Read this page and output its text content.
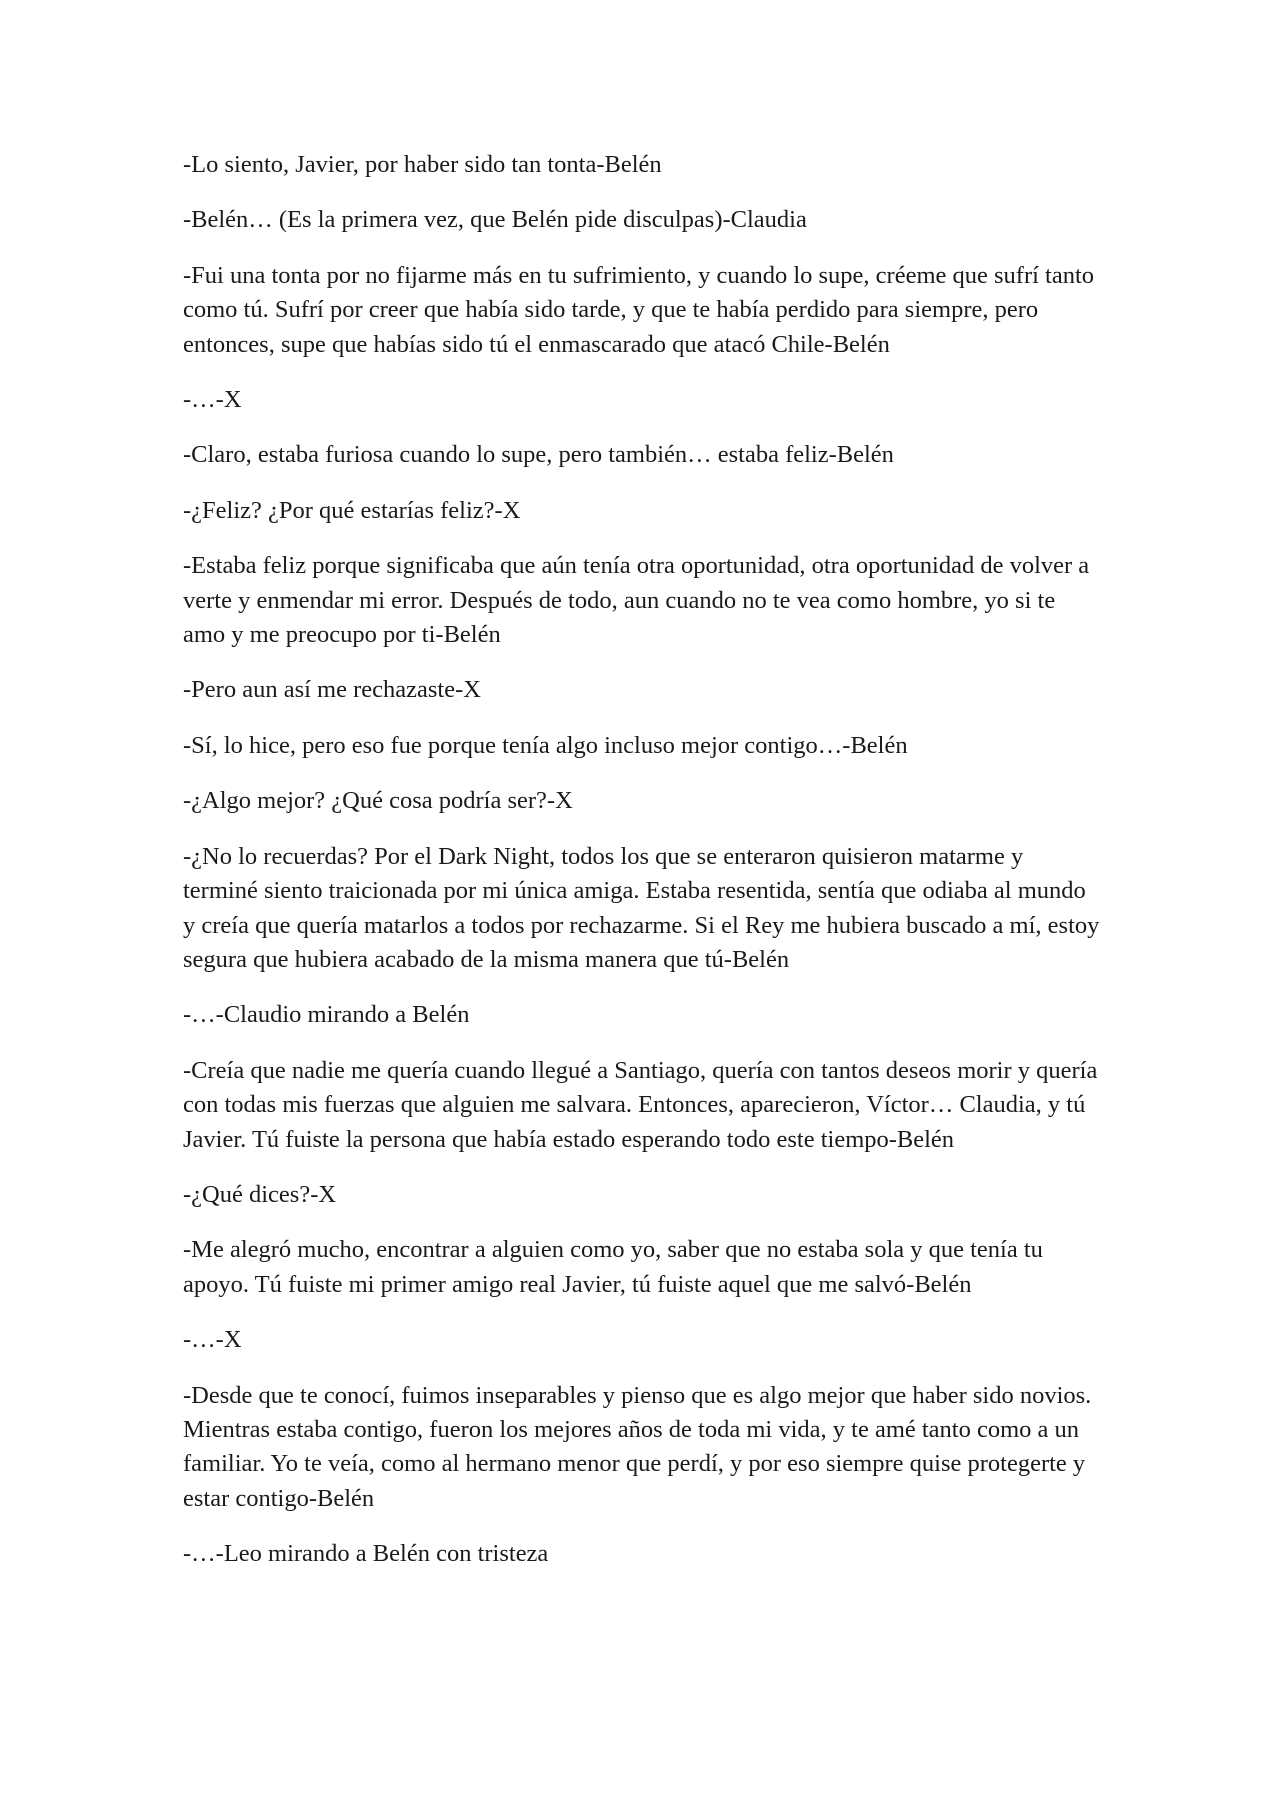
-Lo siento, Javier, por haber sido tan tonta-Belén

-Belén… (Es la primera vez, que Belén pide disculpas)-Claudia

-Fui una tonta por no fijarme más en tu sufrimiento, y cuando lo supe, créeme que sufrí tanto como tú. Sufrí por creer que había sido tarde, y que te había perdido para siempre, pero entonces, supe que habías sido tú el enmascarado que atacó Chile-Belén

-…-X

-Claro, estaba furiosa cuando lo supe, pero también… estaba feliz-Belén

-¿Feliz? ¿Por qué estarías feliz?-X

-Estaba feliz porque significaba que aún tenía otra oportunidad, otra oportunidad de volver a verte y enmendar mi error. Después de todo, aun cuando no te vea como hombre, yo si te amo y me preocupo por ti-Belén

-Pero aun así me rechazaste-X

-Sí, lo hice, pero eso fue porque tenía algo incluso mejor contigo…-Belén

-¿Algo mejor? ¿Qué cosa podría ser?-X

-¿No lo recuerdas? Por el Dark Night, todos los que se enteraron quisieron matarme y terminé siento traicionada por mi única amiga. Estaba resentida, sentía que odiaba al mundo y creía que quería matarlos a todos por rechazarme. Si el Rey me hubiera buscado a mí, estoy segura que hubiera acabado de la misma manera que tú-Belén

-…-Claudio mirando a Belén

-Creía que nadie me quería cuando llegué a Santiago, quería con tantos deseos morir y quería con todas mis fuerzas que alguien me salvara. Entonces, aparecieron, Víctor… Claudia, y tú Javier. Tú fuiste la persona que había estado esperando todo este tiempo-Belén

-¿Qué dices?-X

-Me alegró mucho, encontrar a alguien como yo, saber que no estaba sola y que tenía tu apoyo. Tú fuiste mi primer amigo real Javier, tú fuiste aquel que me salvó-Belén

-…-X

-Desde que te conocí, fuimos inseparables y pienso que es algo mejor que haber sido novios. Mientras estaba contigo, fueron los mejores años de toda mi vida, y te amé tanto como a un familiar. Yo te veía, como al hermano menor que perdí, y por eso siempre quise protegerte y estar contigo-Belén

-…-Leo mirando a Belén con tristeza
